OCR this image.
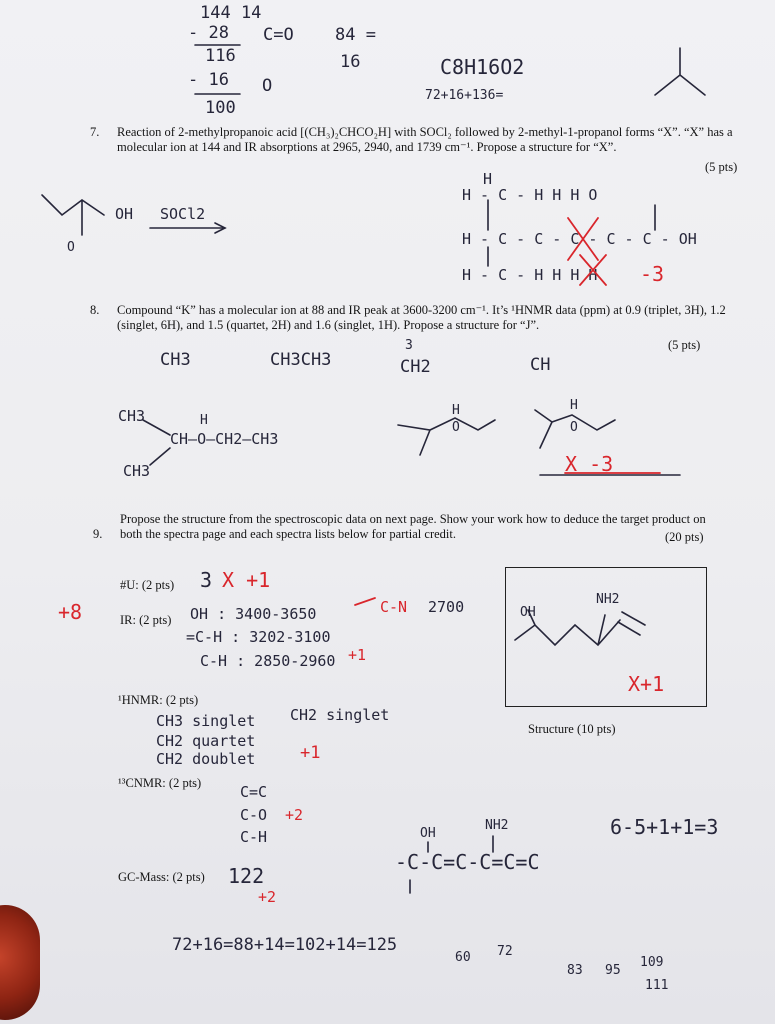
144 14
- 28 C=O
116
- 16 O
100
84 =
16	C8H16O2
72+16+136=
7. Reaction of 2-methylpropanoic acid [(CH₃)₂CHCO₂H] with SOCl₂ followed by 2-methyl-1-propanol forms “X”. “X” has a molecular ion at 144 and IR absorptions at 2965, 2940, and 1739 cm⁻¹. Propose a structure for “X”.
(5 pts)
OH SOCl2
O
H
H - C - H H H O
H - C - C - C - C - C - OH
H - C - H H H H -3
8. Compound “K” has a molecular ion at 88 and IR peak at 3600-3200 cm⁻¹. It’s ¹HNMR data (ppm) at 0.9 (triplet, 3H), 1.2 (singlet, 6H), and 1.5 (quartet, 2H) and 1.6 (singlet, 1H). Propose a structure for “J”.
(5 pts)
CH3	CH3CH3
3
CH2	CH
CH3	H
CH—O—CH2—CH3
CH3
H
O
H
O
X -3
9.
Propose the structure from the spectroscopic data on next page. Show your work how to deduce the target product on both the spectra page and each spectra lists below for partial credit.	(20 pts)
#U: (2 pts) 3 X +1
+8	IR: (2 pts) OH : 3400-3650	C-N 2700
=C-H : 3202-3100
C-H : 2850-2960 +1
¹HNMR: (2 pts)
CH3 singlet CH2 singlet
CH2 quartet
CH2 doublet	+1
¹³CNMR: (2 pts)	C=C
C-O +2
C-H
GC-Mass: (2 pts) 122
+2
OH
NH2
X+1
Structure (10 pts)
6-5+1+1=3
OH
NH2
-C-C=C-C=C=C
72+16=88+14=102+14=125
60 72
83 95
109
111
